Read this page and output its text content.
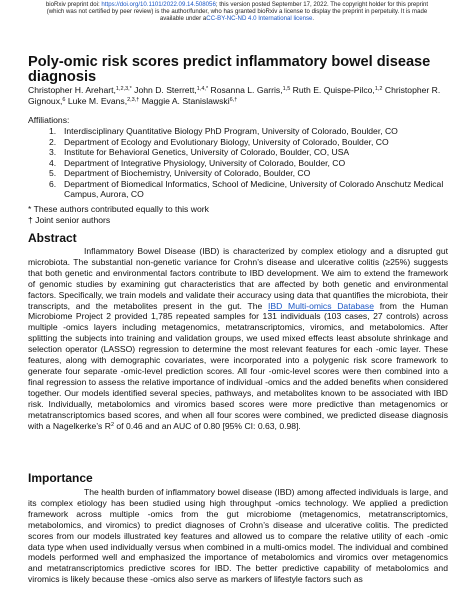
bioRxiv preprint doi: https://doi.org/10.1101/2022.09.14.508056; this version posted September 17, 2022. The copyright holder for this preprint
(which was not certified by peer review) is the author/funder, who has granted bioRxiv a license to display the preprint in perpetuity. It is made
available under aCC-BY-NC-ND 4.0 International license.
Poly-omic risk scores predict inflammatory bowel disease diagnosis
Christopher H. Arehart,$^{1,2,3,*}$ John D. Sterrett,$^{1,4,*}$ Rosanna L. Garris,$^{1,5}$ Ruth E. Quispe-Pilco,$^{1,2}$ Christopher R. Gignoux,$^6$ Luke M. Evans,$^{2,3,\dagger}$ Maggie A. Stanislawski$^{6,\dagger}$
Affiliations:
1. Interdisciplinary Quantitative Biology PhD Program, University of Colorado, Boulder, CO
2. Department of Ecology and Evolutionary Biology, University of Colorado, Boulder, CO
3. Institute for Behavioral Genetics, University of Colorado, Boulder, CO, USA
4. Department of Integrative Physiology, University of Colorado, Boulder, CO
5. Department of Biochemistry, University of Colorado, Boulder, CO
6. Department of Biomedical Informatics, School of Medicine, University of Colorado Anschutz Medical Campus, Aurora, CO
* These authors contributed equally to this work
† Joint senior authors
Abstract

Inflammatory Bowel Disease (IBD) is characterized by complex etiology and a disrupted gut microbiota. The substantial non-genetic variance for Crohn’s disease and ulcerative colitis (≥25%) suggests that both genetic and environmental factors contribute to IBD development. We aim to extend the framework of genomic studies by examining gut characteristics that are affected by both genetic and environmental factors. Specifically, we train models and validate their accuracy using data that quantifies the microbiota, their transcripts, and the metabolites present in the gut. The IBD Multi-omics Database from the Human Microbiome Project 2 provided 1,785 repeated samples for 131 individuals (103 cases, 27 controls) across multiple -omics layers including metagenomics, metatranscriptomics, viromics, and metabolomics. After splitting the subjects into training and validation groups, we used mixed effects least absolute shrinkage and selection operator (LASSO) regression to determine the most relevant features for each -omic layer. These features, along with demographic covariates, were incorporated into a polygenic risk score framework to generate four separate -omic-level prediction scores. All four -omic-level scores were then combined into a final regression to assess the relative importance of individual -omics and the added benefits when considered together. Our models identified several species, pathways, and metabolites known to be associated with IBD risk. Individually, metabolomics and viromics based scores were more predictive than metagenomics or metatranscriptomics based scores, and when all four scores were combined, we predicted disease diagnosis with a Nagelkerke’s $R^2$ of 0.46 and an AUC of 0.80 [95% CI: 0.63, 0.98].

Importance

The health burden of inflammatory bowel disease (IBD) among affected individuals is large, and its complex etiology has been studied using high throughput -omics technology. We applied a prediction framework across multiple -omics from the gut microbiome (metagenomics, metatranscriptomics, metabolomics, and viromics) to predict diagnoses of Crohn’s disease and ulcerative colitis. The predicted scores from our models illustrated key features and allowed us to compare the relative utility of each -omic data type when used individually versus when combined in a multi-omics model. The individual and combined models performed well and emphasized the importance of metabolomics and viromics over metagenomics and metatranscriptomics predictive scores for IBD. The better predictive capability of metabolomics and viromics is likely because these -omics also serve as markers of lifestyle factors such as
